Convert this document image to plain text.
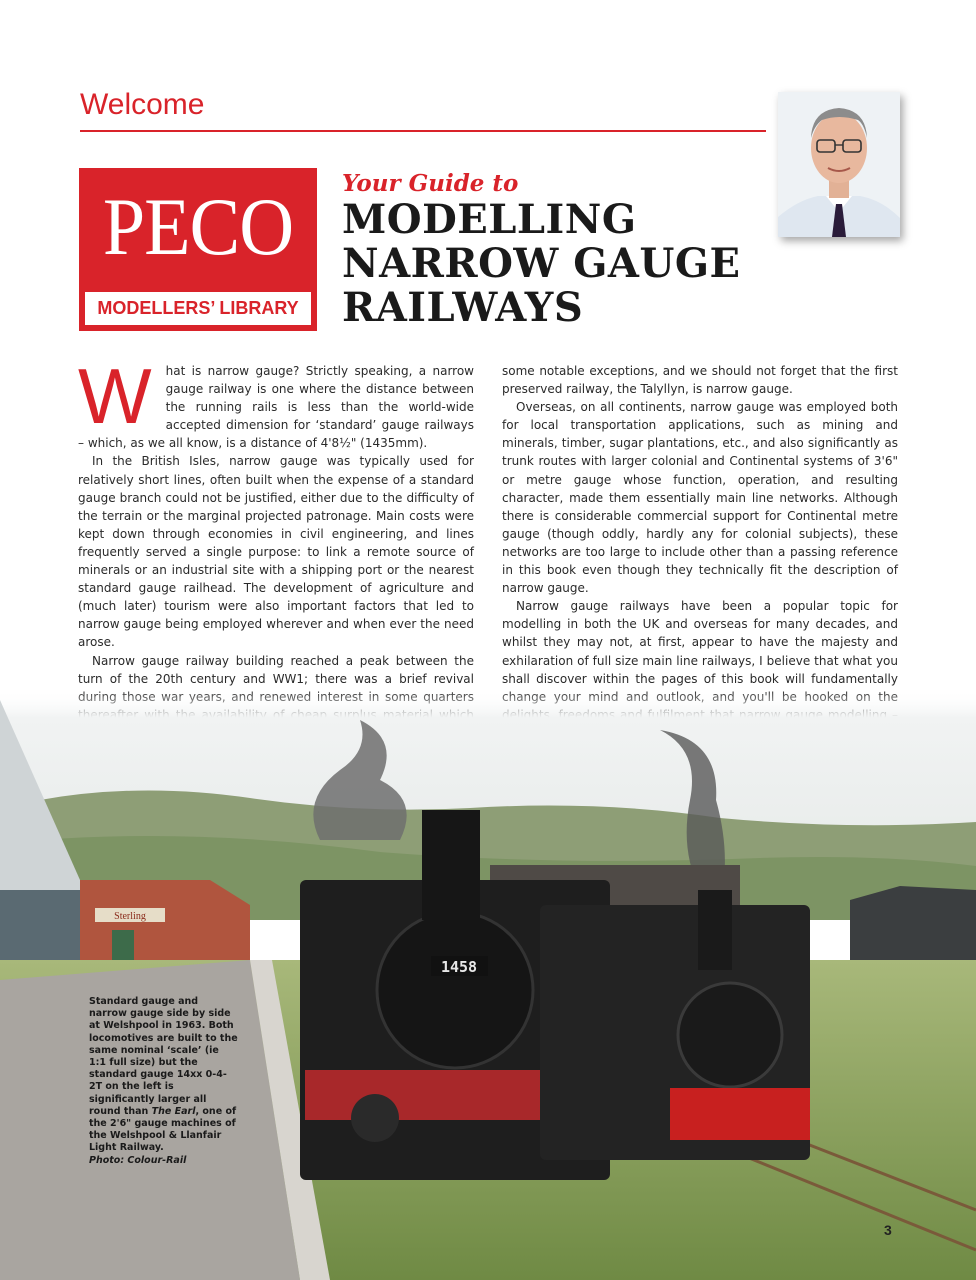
Welcome
PECO
MODELLERS’ LIBRARY
Your Guide to
MODELLING
NARROW GAUGE
RAILWAYS

W hat is narrow gauge? Strictly speaking, a narrow gauge railway is one where the distance between the running rails is less than the world-wide accepted dimension for ‘standard’ gauge railways – which, as we all know, is a distance of 4'8½" (1435mm).

In the British Isles, narrow gauge was typically used for relatively short lines, often built when the expense of a standard gauge branch could not be justified, either due to the difficulty of the terrain or the marginal projected patronage. Main costs were kept down through economies in civil engineering, and lines frequently served a single purpose: to link a remote source of minerals or an industrial site with a shipping port or the nearest standard gauge railhead. The development of agriculture and (much later) tourism were also important factors that led to narrow gauge being employed wherever and when ever the need arose.

Narrow gauge railway building reached a peak between the turn of the 20th century and WW1; there was a brief revival

some notable exceptions, and we should not forget that the first preserved railway, the Talyllyn, is narrow gauge.

Overseas, on all continents, narrow gauge was employed both for local transportation applications, such as mining and minerals, timber, sugar plantations, etc., and also significantly as trunk routes with larger colonial and Continental systems of 3'6" or metre gauge whose function, operation, and resulting character, made them essentially main line networks. Although there is considerable commercial support for Continental metre gauge (though oddly, hardly any for colonial subjects), these networks are too large to include other than a passing reference in this book even though they technically fit the description of narrow gauge.

Narrow gauge railways have been a popular topic for modelling in both the UK and overseas for many decades, and whilst they may not, at first, appear to have the majesty and exhilaration of full size main line railways, I believe that what you shall discover within the pages of this book will fundamentally

Sterling
1458
Standard gauge and narrow gauge side by side at Welshpool in 1963. Both locomotives are built to the same nominal ‘scale’ (ie 1:1 full size) but the standard gauge 14xx 0-4-2T on the left is significantly larger all round than The Earl, one of the 2'6" gauge machines of the Welshpool & Llanfair Light Railway.
Photo: Colour-Rail
3
